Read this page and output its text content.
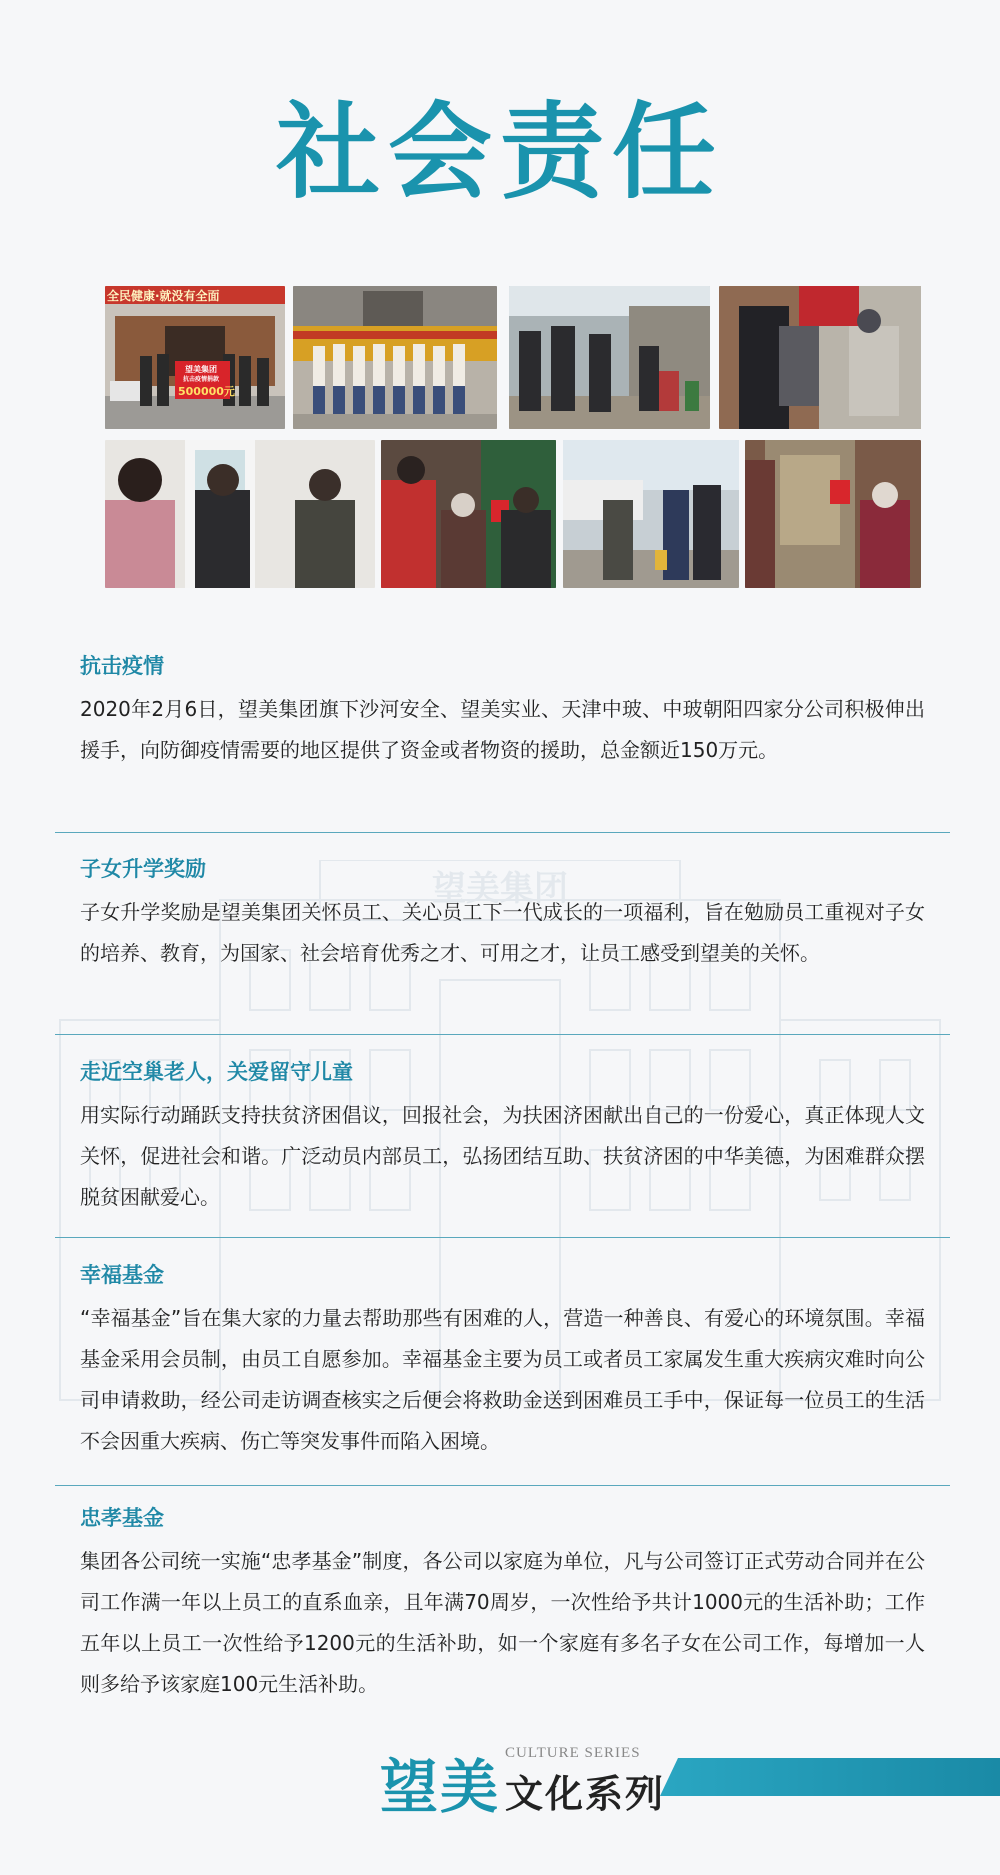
望美集团
社会责任
全民健康·就没有全面
望美集团
抗击疫情捐款
500000元
抗击疫情

2020年2月6日，望美集团旗下沙河安全、望美实业、天津中玻、中玻朝阳四家分公司积极伸出援手，向防御疫情需要的地区提供了资金或者物资的援助，总金额近150万元。

子女升学奖励

子女升学奖励是望美集团关怀员工、关心员工下一代成长的一项福利，旨在勉励员工重视对子女的培养、教育，为国家、社会培育优秀之才、可用之才，让员工感受到望美的关怀。

走近空巢老人，关爱留守儿童

用实际行动踊跃支持扶贫济困倡议，回报社会，为扶困济困献出自己的一份爱心，真正体现人文关怀，促进社会和谐。广泛动员内部员工，弘扬团结互助、扶贫济困的中华美德，为困难群众摆脱贫困献爱心。

幸福基金

“幸福基金”旨在集大家的力量去帮助那些有困难的人，营造一种善良、有爱心的环境氛围。幸福基金采用会员制，由员工自愿参加。幸福基金主要为员工或者员工家属发生重大疾病灾难时向公司申请救助，经公司走访调查核实之后便会将救助金送到困难员工手中，保证每一位员工的生活不会因重大疾病、伤亡等突发事件而陷入困境。

忠孝基金

集团各公司统一实施“忠孝基金”制度，各公司以家庭为单位，凡与公司签订正式劳动合同并在公司工作满一年以上员工的直系血亲，且年满70周岁，一次性给予共计1000元的生活补助；工作五年以上员工一次性给予1200元的生活补助，如一个家庭有多名子女在公司工作，每增加一人则多给予该家庭100元生活补助。

望美 CULTURE SERIES
文化系列
